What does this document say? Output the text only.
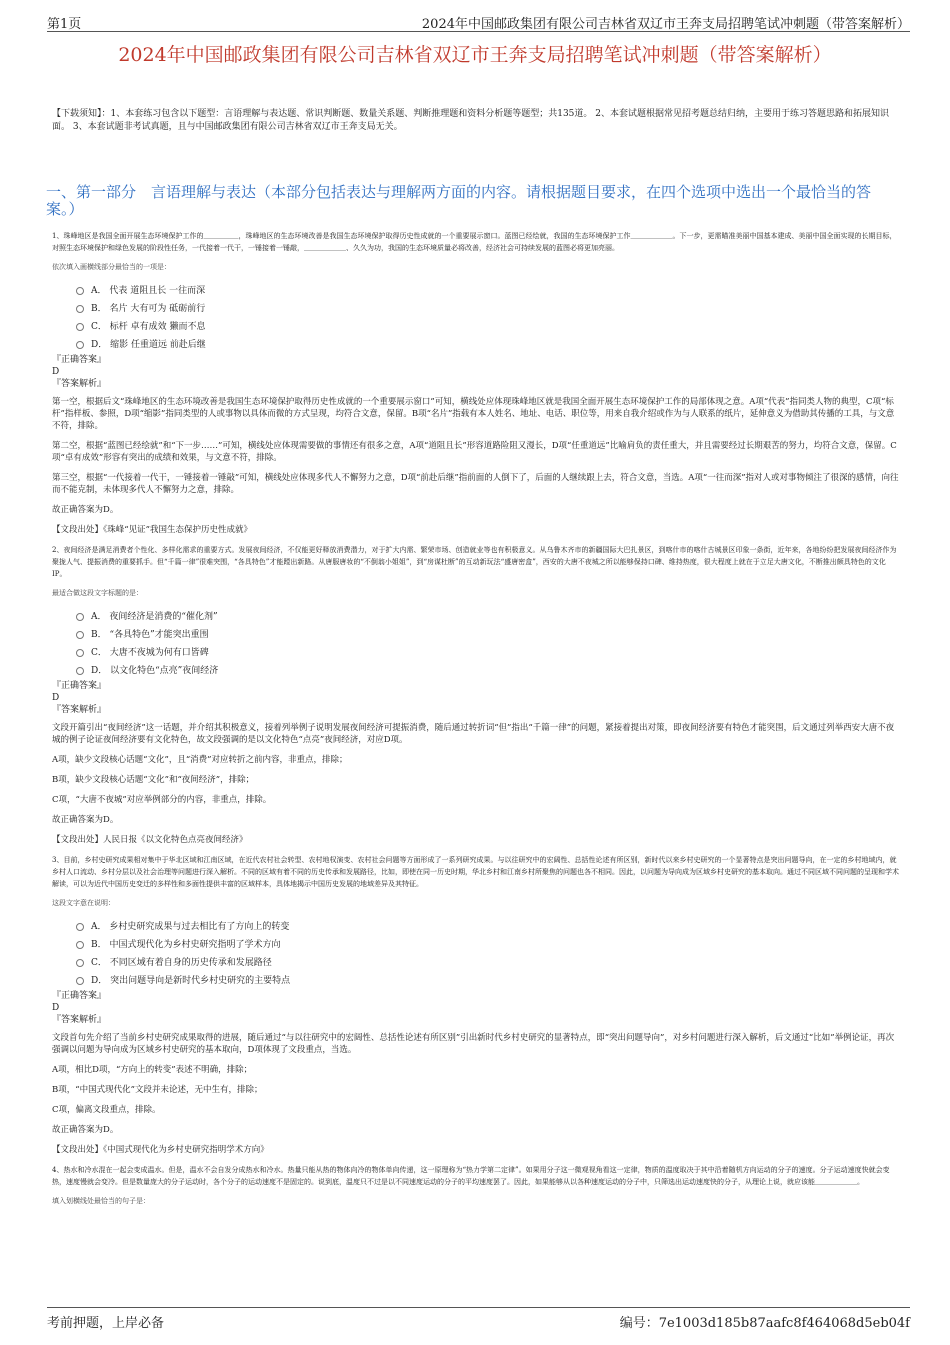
第1页	2024年中国邮政集团有限公司吉林省双辽市王奔支局招聘笔试冲刺题（带答案解析）
2024年中国邮政集团有限公司吉林省双辽市王奔支局招聘笔试冲刺题（带答案解析）
【下载须知】：1、本套练习包含以下题型：言语理解与表达题、常识判断题、数量关系题、判断推理题和资料分析题等题型；共135道。 2、本套试题根据常见招考题总结归纳，主要用于练习答题思路和拓展知识面。 3、本套试题非考试真题，且与中国邮政集团有限公司吉林省双辽市王奔支局无关。
一、第一部分　言语理解与表达（本部分包括表达与理解两方面的内容。请根据题目要求，在四个选项中选出一个最恰当的答案。）
1、珠峰地区是我国全面开展生态环境保护工作的＿＿＿＿＿，珠峰地区的生态环境改善是我国生态环境保护取得历史性成就的一个重要展示窗口。蓝图已经绘就，我国的生态环境保护工作＿＿＿＿＿＿。下一步，更需瞄准美丽中国基本建成、美丽中国全面实现的长期目标，对照生态环境保护和绿色发展的阶段性任务，一代接着一代干，一锤接着一锤敲，＿＿＿＿＿＿、久久为功，我国的生态环境质量必将改善，经济社会可持续发展的蓝图必将更加亮丽。
依次填入画横线部分最恰当的一项是：
A． 代表 道阻且长 一往而深
B． 名片 大有可为 砥砺前行
C． 标杆 卓有成效 獭而不息
D． 缩影 任重道远 前赴后继
『正确答案』
D
『答案解析』
第一空，根据后文“珠峰地区的生态环境改善是我国生态环境保护取得历史性成就的一个重要展示窗口”可知，横线处应体现珠峰地区就是我国全面开展生态环境保护工作的局部体现之意。A项“代表”指同类人物的典型，C项“标杆”指样板、参照，D项“缩影”指同类型的人或事物以具体而微的方式呈现，均符合文意，保留。B项“名片”指载有本人姓名、地址、电话、职位等，用来自我介绍或作为与人联系的纸片，延伸意义为借助其传播的工具，与文意不符，排除。
第二空，根据“蓝图已经绘就”和“下一步……”可知，横线处应体现需要做的事情还有很多之意，A项“道阻且长”形容道路险阻又漫长，D项“任重道远”比喻肩负的责任重大，并且需要经过长期艰苦的努力，均符合文意，保留。C项“卓有成效”形容有突出的成绩和效果，与文意不符，排除。
第三空，根据“一代接着一代干，一锤接着一锤敲”可知，横线处应体现多代人不懈努力之意，D项“前赴后继”指前面的人倒下了，后面的人继续跟上去，符合文意，当选。A项“一往而深”指对人或对事物倾注了很深的感情，向往而不能克制，未体现多代人不懈努力之意，排除。
故正确答案为D。
【文段出处】《珠峰“见证”我国生态保护历史性成就》
2、夜间经济是满足消费者个性化、多样化需求的重要方式。发展夜间经济，不仅能更好释放消费潜力，对于扩大内需、繁荣市场、创造就业等也有积极意义。从乌鲁木齐市的新疆国际大巴扎景区，到喀什市的喀什古城景区印象一条街，近年来，各地纷纷把发展夜间经济作为聚拢人气、提振消费的重要抓手。但“千篇一律”很难突围，“各具特色”才能蹚出新路。从唐服唐妆的“不倒翁小姐姐”，到“房谋杜断”的互动新玩法“盛唐密盒”，西安的大唐不夜城之所以能够保持口碑、维持热度，很大程度上就在于立足大唐文化，不断推出颇具特色的文化IP。
最适合做这段文字标题的是：
A． 夜间经济是消费的“催化剂”
B． “各具特色”才能突出重围
C． 大唐不夜城为何有口皆碑
D． 以文化特色“点亮”夜间经济
『正确答案』
D
『答案解析』
文段开篇引出“夜间经济”这一话题，并介绍其积极意义，接着列举例子说明发展夜间经济可提振消费，随后通过转折词“但”指出“千篇一律”的问题，紧接着提出对策，即夜间经济要有特色才能突围，后文通过列举西安大唐不夜城的例子论证夜间经济要有文化特色，故文段强调的是以文化特色“点亮”夜间经济，对应D项。
A项，缺少文段核心话题“文化”，且“消费”对应转折之前内容，非重点，排除；
B项，缺少文段核心话题“文化”和“夜间经济”，排除；
C项，“大唐不夜城”对应举例部分的内容，非重点，排除。
故正确答案为D。
【文段出处】人民日报《以文化特色点亮夜间经济》
3、目前，乡村史研究成果相对集中于华北区域和江南区域，在近代农村社会转型、农村地权演变、农村社会问题等方面形成了一系列研究成果。与以往研究中的宏阔性、总括性论述有所区别，新时代以来乡村史研究的一个显著特点是突出问题导向，在一定的乡村地域内，就乡村人口流动、乡村分层以及社会治理等问题进行深入解析。不同的区域有着不同的历史传承和发展路径，比如，即使在同一历史时期，华北乡村和江南乡村所聚焦的问题也各不相同。因此，以问题为导向成为区域乡村史研究的基本取向。通过不同区域不同问题的呈现和学术解读，可以为近代中国历史变迁的多样性和多面性提供丰富的区域样本，具体地揭示中国历史发展的地域差异及其特征。
这段文字意在说明：
A． 乡村史研究成果与过去相比有了方向上的转变
B． 中国式现代化为乡村史研究指明了学术方向
C． 不同区域有着自身的历史传承和发展路径
D． 突出问题导向是新时代乡村史研究的主要特点
『正确答案』
D
『答案解析』
文段首句先介绍了当前乡村史研究成果取得的进展，随后通过“与以往研究中的宏阔性、总括性论述有所区别”引出新时代乡村史研究的显著特点，即“突出问题导向”，对乡村问题进行深入解析，后文通过“比如”举例论证，再次强调以问题为导向成为区域乡村史研究的基本取向，D项体现了文段重点，当选。
A项，相比D项，“方向上的转变”表述不明确，排除；
B项，“中国式现代化”文段并未论述，无中生有，排除；
C项，偏离文段重点，排除。
故正确答案为D。
【文段出处】《中国式现代化为乡村史研究指明学术方向》
4、热水和冷水混在一起会变成温水。但是，温水不会自发分成热水和冷水。热量只能从热的物体向冷的物体单向传递，这一原理称为“热力学第二定律”。如果用分子这一微观视角看这一定律，物质的温度取决于其中沿着随机方向运动的分子的速度。分子运动速度快就会变热，速度慢就会变冷。但是数量庞大的分子运动时，各个分子的运动速度不是固定的。说到底，温度只不过是以不同速度运动的分子的平均速度罢了。因此，如果能够从以各种速度运动的分子中，只筛选出运动速度快的分子，从理论上说，就应该能＿＿＿＿＿＿。
填入划横线处最恰当的句子是：
考前押题，上岸必备	编号：7e1003d185b87aafc8f464068d5eb04f
